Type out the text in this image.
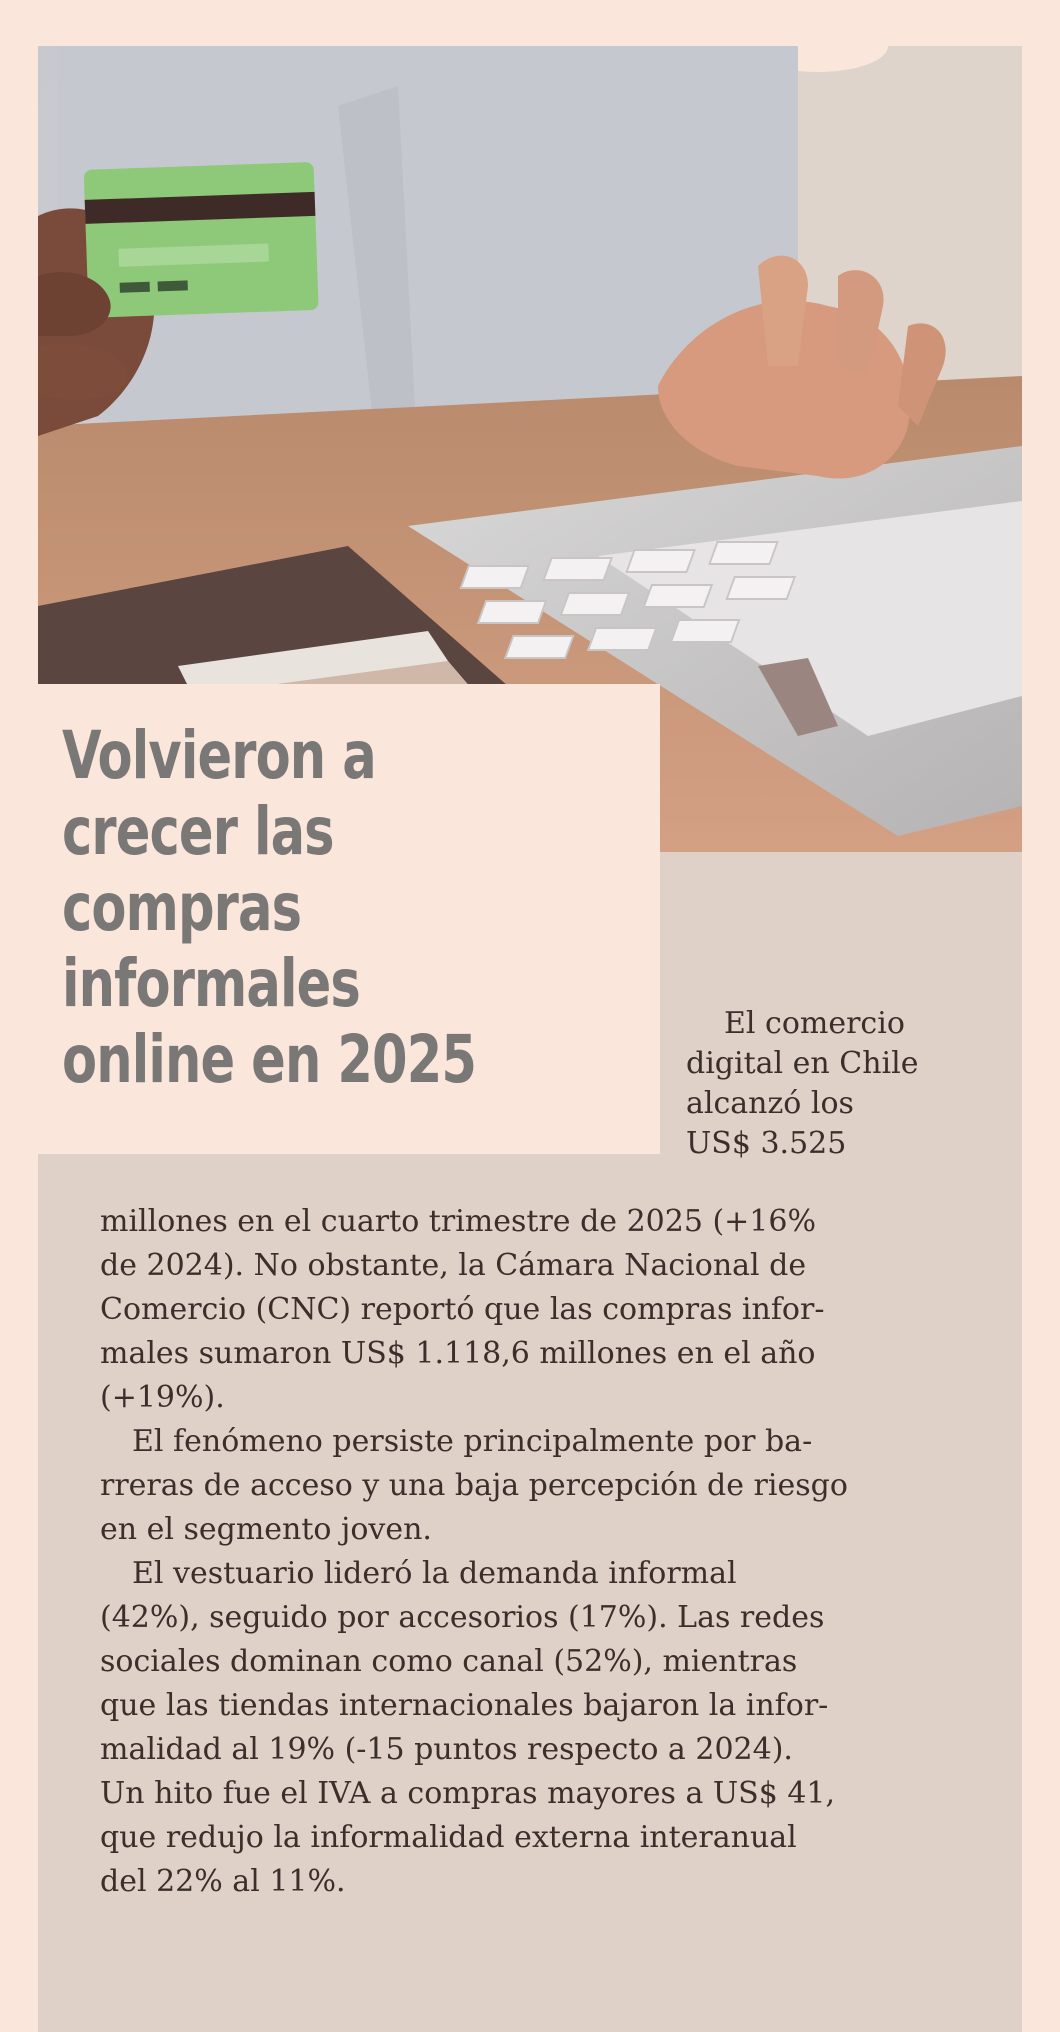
Volvieron a
crecer las
compras
informales
online en 2025	El comercio
digital en Chile
alcanzó los
US$ 3.525

millones en el cuarto trimestre de 2025 (+16%
de 2024). No obstante, la Cámara Nacional de
Comercio (CNC) reportó que las compras infor-
males sumaron US$ 1.118,6 millones en el año
(+19%).

El fenómeno persiste principalmente por ba-
rreras de acceso y una baja percepción de riesgo
en el segmento joven.

El vestuario lideró la demanda informal
(42%), seguido por accesorios (17%). Las redes
sociales dominan como canal (52%), mientras
que las tiendas internacionales bajaron la infor-
malidad al 19% (-15 puntos respecto a 2024).
Un hito fue el IVA a compras mayores a US$ 41,
que redujo la informalidad externa interanual
del 22% al 11%.
